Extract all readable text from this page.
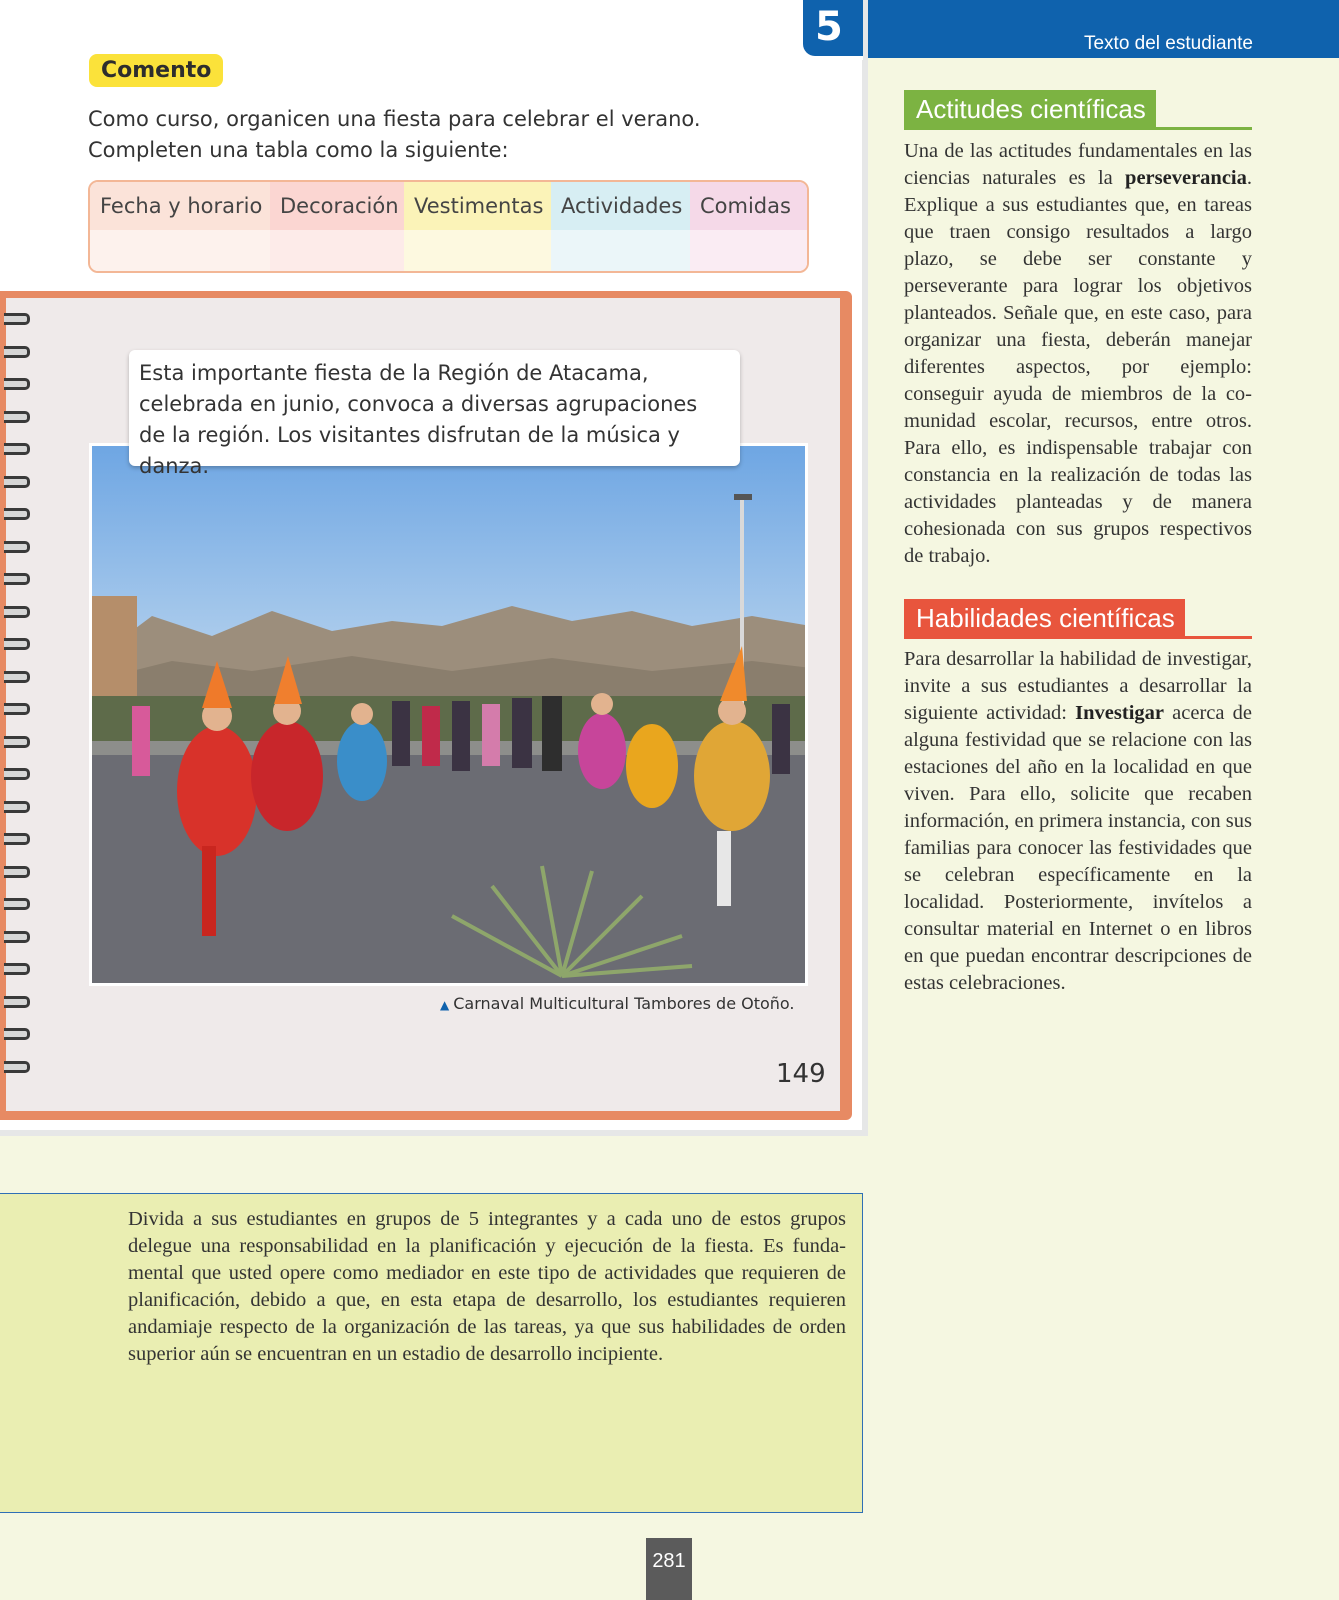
Texto del estudiante
Comento

Como curso, organicen una fiesta para celebrar el verano. Completen una tabla como la siguiente:

Fecha y horario Decoración Vestimentas Actividades Comidas
Esta importante fiesta de la Región de Atacama, celebrada en junio, convoca a diversas agrupaciones de la región. Los visitantes disfrutan de la música y danza.
▲ Carnaval Multicultural Tambores de Otoño.
149
5
Actitudes científicas

Una de las actitudes fundamentales en las ciencias naturales es la perseverancia. Explique a sus estudiantes que, en tareas que traen consigo resultados a largo plazo, se debe ser constante y perseverante para lograr los objetivos planteados. Señale que, en este caso, para organizar una fiesta, deberán manejar diferentes aspectos, por ejemplo: conseguir ayuda de miembros de la comunidad escolar, recursos, entre otros. Para ello, es indispensable trabajar con constancia en la realización de todas las actividades planteadas y de manera cohesionada con sus grupos respectivos de trabajo.

Habilidades científicas

Para desarrollar la habilidad de investigar, invite a sus estudiantes a desarrollar la siguiente actividad: Investigar acerca de alguna festividad que se relacione con las estaciones del año en la localidad en que viven. Para ello, solicite que recaben información, en primera instancia, con sus familias para conocer las festividades que se celebran específicamente en la localidad. Posteriormente, invítelos a consultar material en Internet o en libros en que puedan encontrar descripciones de estas celebraciones.

Divida a sus estudiantes en grupos de 5 integrantes y a cada uno de estos grupos delegue una responsabilidad en la planificación y ejecución de la fiesta. Es fundamental que usted opere como mediador en este tipo de actividades que requieren de planificación, debido a que, en esta etapa de desarrollo, los estudiantes requieren andamiaje respecto de la organización de las tareas, ya que sus habilidades de orden superior aún se encuentran en un estadio de desarrollo incipiente.

281
